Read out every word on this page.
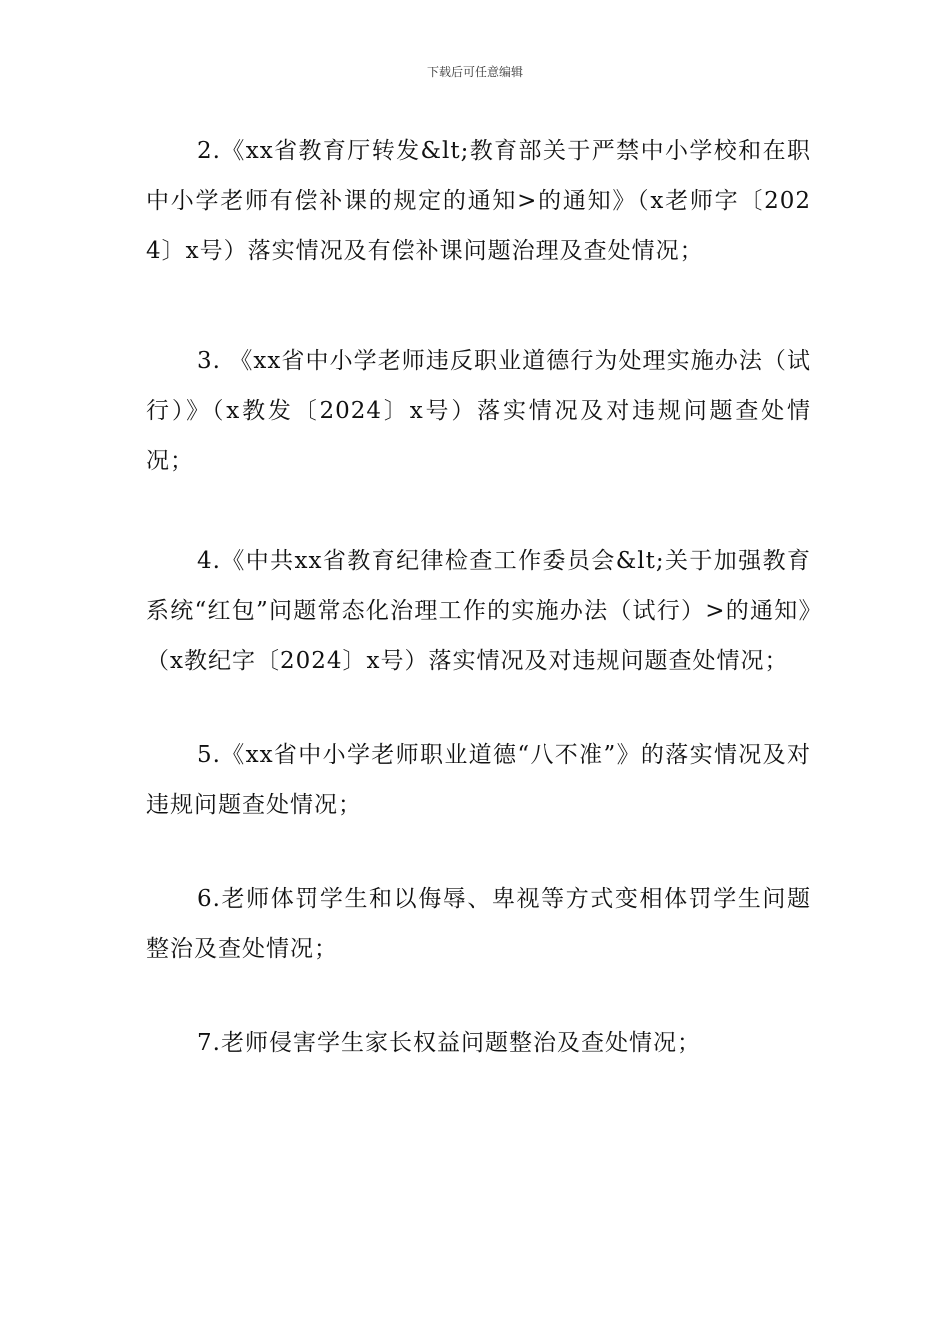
下载后可任意编辑

2.《xx省教育厅转发&lt;教育部关于严禁中小学校和在职中小学老师有偿补课的规定的通知>的通知》（x老师字〔2024〕x号）落实情况及有偿补课问题治理及查处情况；

3. 《xx省中小学老师违反职业道德行为处理实施办法（试行）》（x教发〔2024〕x号）落实情况及对违规问题查处情况；

4.《中共xx省教育纪律检查工作委员会&lt;关于加强教育系统“红包”问题常态化治理工作的实施办法（试行）>的通知》（x教纪字〔2024〕x号）落实情况及对违规问题查处情况；

5.《xx省中小学老师职业道德“八不准”》的落实情况及对违规问题查处情况；

6.老师体罚学生和以侮辱、卑视等方式变相体罚学生问题整治及查处情况；

7.老师侵害学生家长权益问题整治及查处情况；
